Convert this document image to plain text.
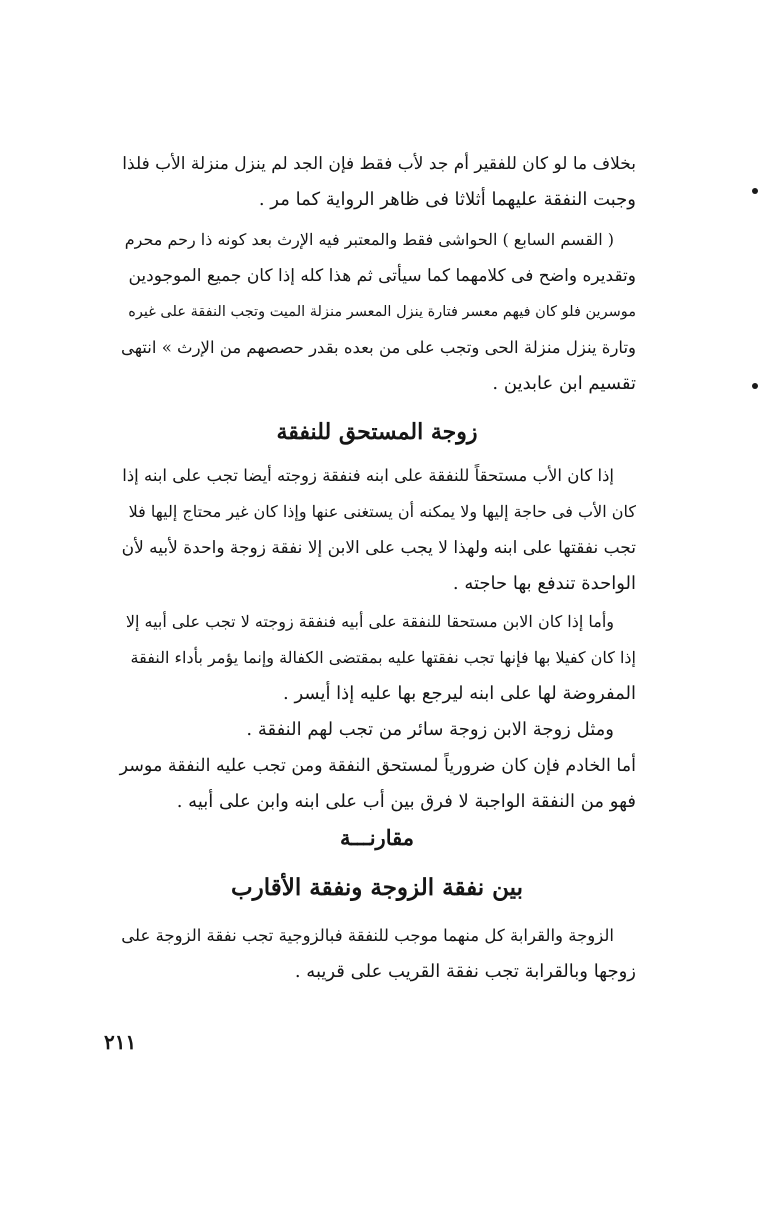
بخلاف ما لو كان للفقير أم جد لأب فقط فإن الجد لم ينزل منزلة الأب فلذا
وجبت النفقة عليهما أثلاثا فى ظاهر الرواية كما مر .
( القسم السابع ) الحواشى فقط والمعتبر فيه الإرث بعد كونه ذا رحم محرم
وتقديره واضح فى كلامهما كما سيأتى ثم هذا كله إذا كان جميع الموجودين
موسرين فلو كان فيهم معسر فتارة ينزل المعسر منزلة الميت وتجب النفقة على غيره
وتارة ينزل منزلة الحى وتجب على من بعده بقدر حصصهم من الإرث » انتهى
تقسيم ابن عابدين .
زوجة المستحق للنفقة
إذا كان الأب مستحقاً للنفقة على ابنه فنفقة زوجته أيضا تجب على ابنه إذا
كان الأب فى حاجة إليها ولا يمكنه أن يستغنى عنها وإذا كان غير محتاج إليها فلا
تجب نفقتها على ابنه ولهذا لا يجب على الابن إلا نفقة زوجة واحدة لأبيه لأن
الواحدة تندفع بها حاجته .
وأما إذا كان الابن مستحقا للنفقة على أبيه فنفقة زوجته لا تجب على أبيه إلا
إذا كان كفيلا بها فإنها تجب نفقتها عليه بمقتضى الكفالة وإنما يؤمر بأداء النفقة
المفروضة لها على ابنه ليرجع بها عليه إذا أيسر .
ومثل زوجة الابن زوجة سائر من تجب لهم النفقة .
أما الخادم فإن كان ضرورياً لمستحق النفقة ومن تجب عليه النفقة موسر
فهو من النفقة الواجبة لا فرق بين أب على ابنه وابن على أبيه .
مقارنـــة
بين نفقة الزوجة ونفقة الأقارب
الزوجة والقرابة كل منهما موجب للنفقة فبالزوجية تجب نفقة الزوجة على
زوجها وبالقرابة تجب نفقة القريب على قريبه .
٢١١
